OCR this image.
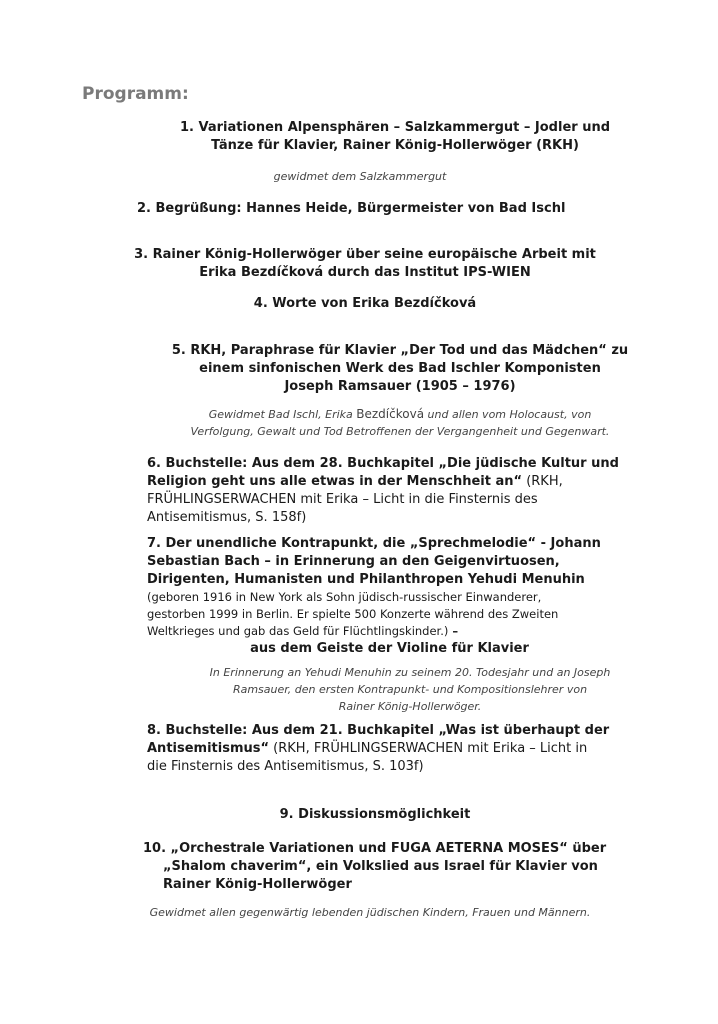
Programm:
1. Variationen Alpensphären – Salzkammergut – Jodler und
Tänze für Klavier, Rainer König-Hollerwöger (RKH)
gewidmet dem Salzkammergut
2. Begrüßung: Hannes Heide, Bürgermeister von Bad Ischl
3. Rainer König-Hollerwöger über seine europäische Arbeit mit
Erika Bezdíčková durch das Institut IPS-WIEN
4. Worte von Erika Bezdíčková
5. RKH, Paraphrase für Klavier „Der Tod und das Mädchen“ zu
einem sinfonischen Werk des Bad Ischler Komponisten
Joseph Ramsauer (1905 – 1976)
Gewidmet Bad Ischl, Erika Bezdíčková und allen vom Holocaust, von
Verfolgung, Gewalt und Tod Betroffenen der Vergangenheit und Gegenwart.
6. Buchstelle: Aus dem 28. Buchkapitel „Die jüdische Kultur und
Religion geht uns alle etwas in der Menschheit an“ (RKH,
FRÜHLINGSERWACHEN mit Erika – Licht in die Finsternis des
Antisemitismus, S. 158f)
7. Der unendliche Kontrapunkt, die „Sprechmelodie“ - Johann
Sebastian Bach – in Erinnerung an den Geigenvirtuosen,
Dirigenten, Humanisten und Philanthropen Yehudi Menuhin
(geboren 1916 in New York als Sohn jüdisch-russischer Einwanderer,
gestorben 1999 in Berlin. Er spielte 500 Konzerte während des Zweiten
Weltkrieges und gab das Geld für Flüchtlingskinder.) –
aus dem Geiste der Violine für Klavier
In Erinnerung an Yehudi Menuhin zu seinem 20. Todesjahr und an Joseph
Ramsauer, den ersten Kontrapunkt- und Kompositionslehrer von
Rainer König-Hollerwöger.
8. Buchstelle: Aus dem 21. Buchkapitel „Was ist überhaupt der
Antisemitismus“ (RKH, FRÜHLINGSERWACHEN mit Erika – Licht in
die Finsternis des Antisemitismus, S. 103f)
9. Diskussionsmöglichkeit
10. „Orchestrale Variationen und FUGA AETERNA MOSES“ über
„Shalom chaverim“, ein Volkslied aus Israel für Klavier von
Rainer König-Hollerwöger
Gewidmet allen gegenwärtig lebenden jüdischen Kindern, Frauen und Männern.
